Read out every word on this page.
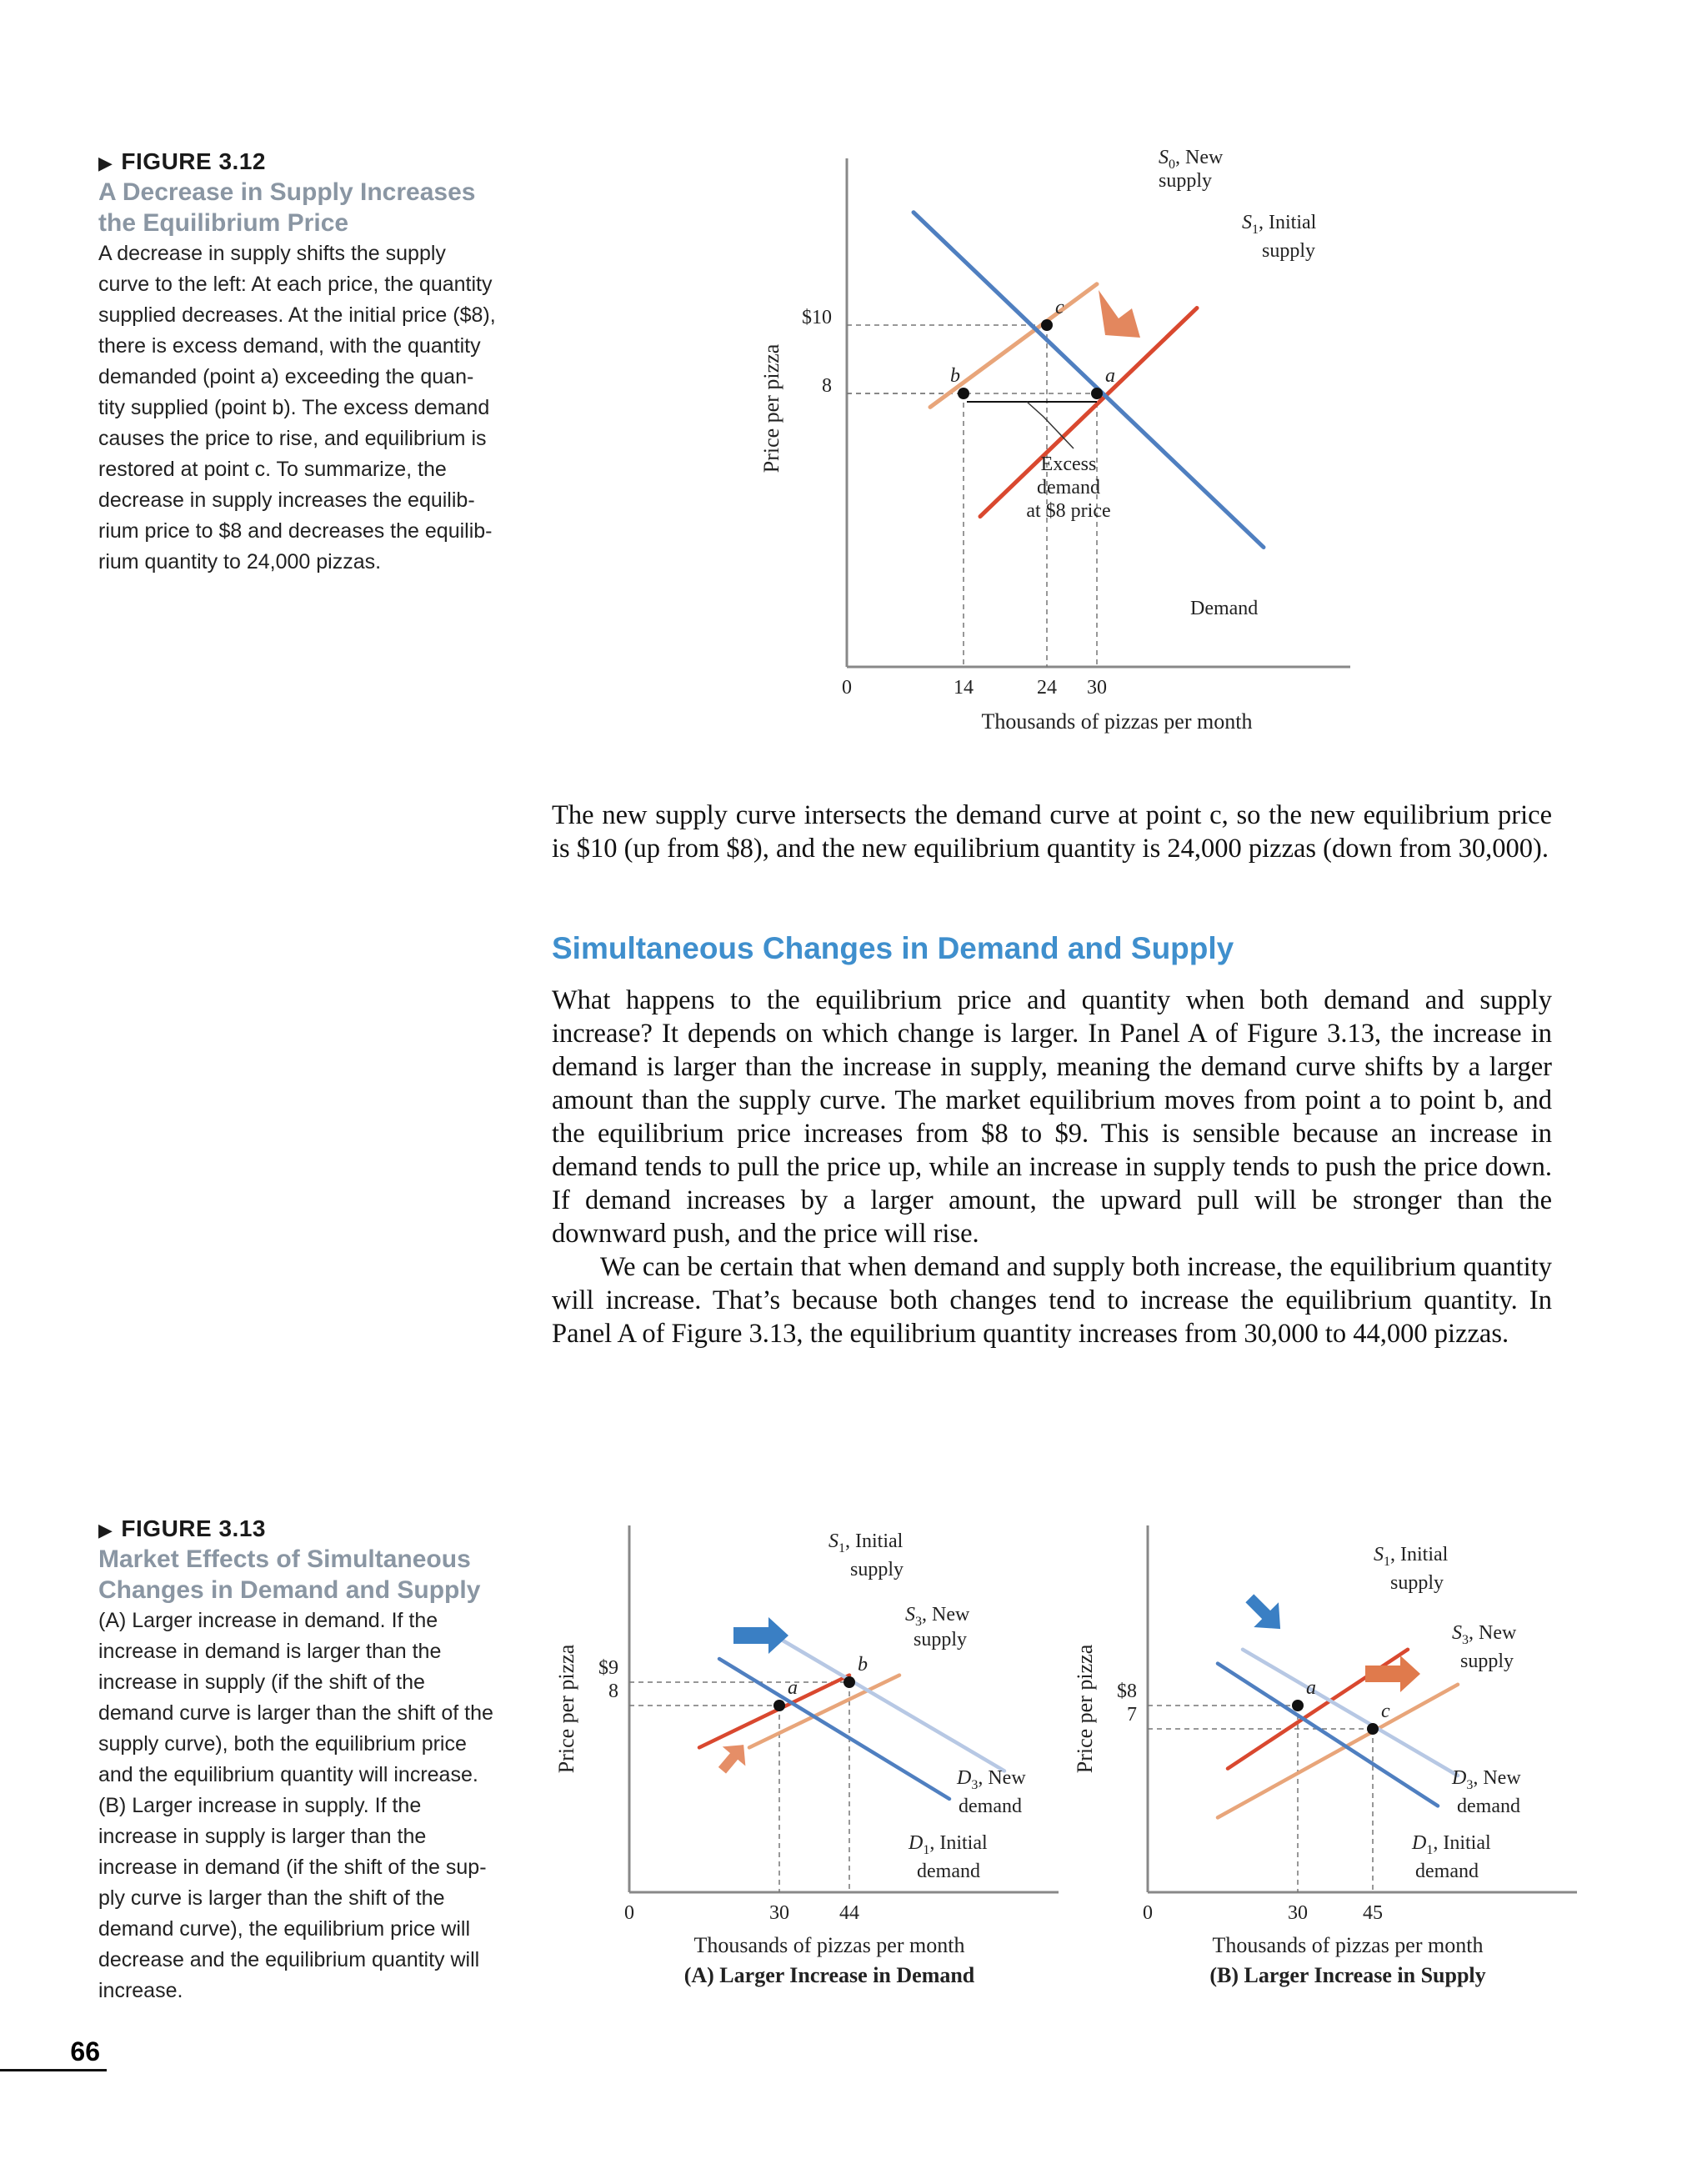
▶ FIGURE 3.12
A Decrease in Supply Increases
the Equilibrium Price
A decrease in supply shifts the supply
curve to the left: At each price, the quantity
supplied decreases. At the initial price ($8),
there is excess demand, with the quantity
demanded (point a) exceeding the quan-
tity supplied (point b). The excess demand
causes the price to rise, and equilibrium is
restored at point c. To summarize, the
decrease in supply increases the equilib-
rium price to $8 and decreases the equilib-
rium quantity to 24,000 pizzas.
a
b
c
$10
8
0	14	24 30
Thousands of pizzas per month
Price per pizza
$S_0$, New
supply
$S_1$, Initial
supply
Demand
Excess
demand
at $8 price

The new supply curve intersects the demand curve at point c, so the new equilibrium price is $10 (up from $8), and the new equilibrium quantity is 24,000 pizzas (down from 30,000).

Simultaneous Changes in Demand and Supply

What happens to the equilibrium price and quantity when both demand and supply increase? It depends on which change is larger. In Panel A of Figure 3.13, the increase in demand is larger than the increase in supply, meaning the demand curve shifts by a larger amount than the supply curve. The market equilibrium moves from point a to point b, and the equilibrium price increases from $8 to $9. This is sensible because an increase in demand tends to pull the price up, while an increase in supply tends to push the price down. If demand increases by a larger amount, the upward pull will be stronger than the downward push, and the price will rise.

We can be certain that when demand and supply both increase, the equilibrium quantity will increase. That’s because both changes tend to increase the equilibrium quantity. In Panel A of Figure 3.13, the equilibrium quantity increases from 30,000 to 44,000 pizzas.

▶ FIGURE 3.13
Market Effects of Simultaneous
Changes in Demand and Supply
(A) Larger increase in demand. If the
increase in demand is larger than the
increase in supply (if the shift of the
demand curve is larger than the shift of the
supply curve), both the equilibrium price
and the equilibrium quantity will increase.
(B) Larger increase in supply. If the
increase in supply is larger than the
increase in demand (if the shift of the sup-
ply curve is larger than the shift of the
demand curve), the equilibrium price will
decrease and the equilibrium quantity will
increase.
a
b
$9
8
0	30	44
Thousands of pizzas per month
(A) Larger Increase in Demand
Price per pizza
$S_1$, Initial
supply
$S_3$, New
supply
$D_3$, New
demand
$D_1$, Initial
demand
a
c
$8
7
0	30	45
Thousands of pizzas per month
(B) Larger Increase in Supply
Price per pizza
$S_1$, Initial
supply
$S_3$, New
supply
$D_3$, New
demand
$D_1$, Initial
demand
66
